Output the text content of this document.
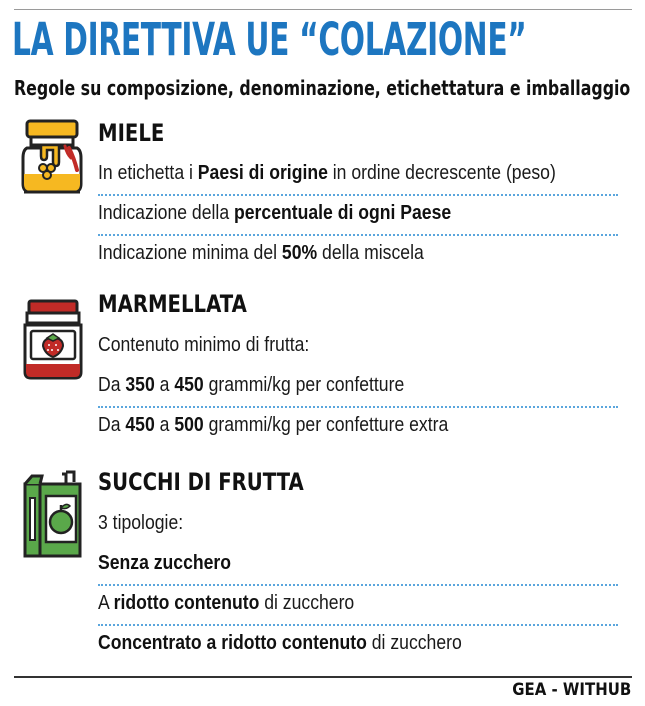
LA DIRETTIVA UE “COLAZIONE”
Regole su composizione, denominazione, etichettatura e imballaggio
MIELE
In etichetta i Paesi di origine in ordine decrescente (peso)
Indicazione della percentuale di ogni Paese
Indicazione minima del 50% della miscela
MARMELLATA
Contenuto minimo di frutta:
Da 350 a 450 grammi/kg per confetture
Da 450 a 500 grammi/kg per confetture extra
SUCCHI DI FRUTTA
3 tipologie:
Senza zucchero
A ridotto contenuto di zucchero
Concentrato a ridotto contenuto di zucchero
GEA - WITHUB
